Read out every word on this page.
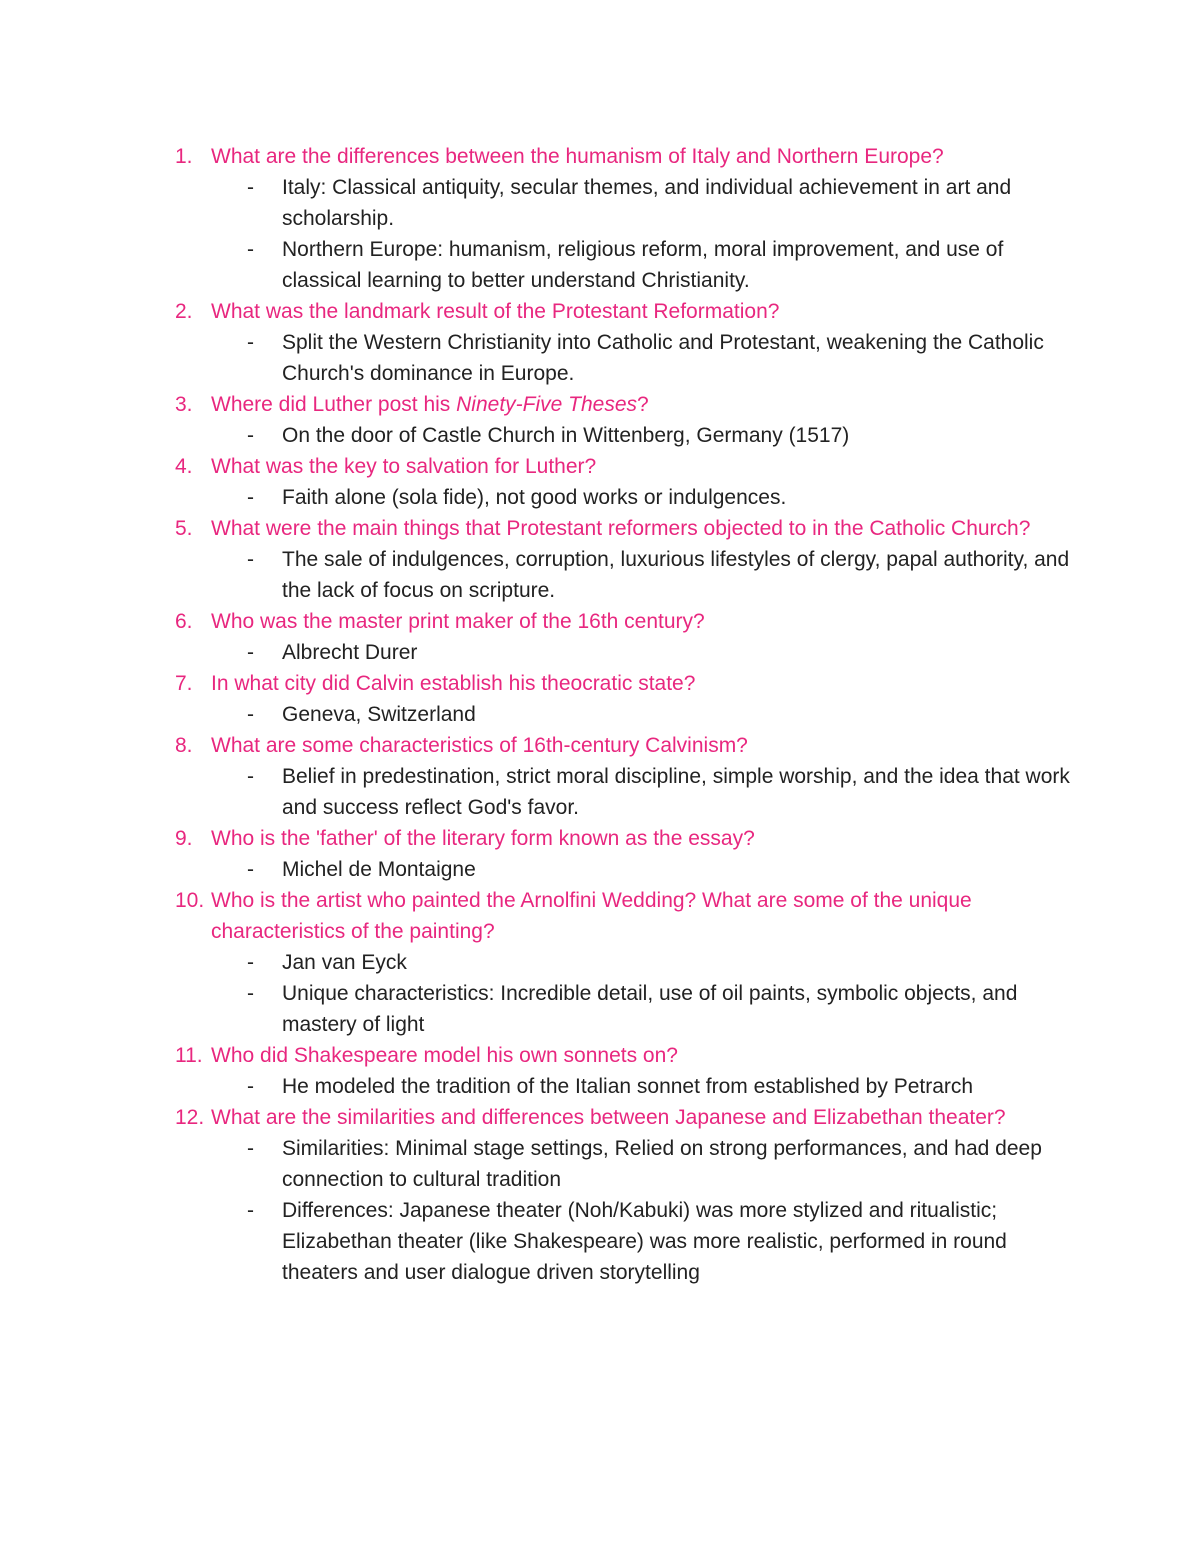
1. What are the differences between the humanism of Italy and Northern Europe?
- Italy: Classical antiquity, secular themes, and individual achievement in art and scholarship.
- Northern Europe: humanism, religious reform, moral improvement, and use of classical learning to better understand Christianity.
2. What was the landmark result of the Protestant Reformation?
- Split the Western Christianity into Catholic and Protestant, weakening the Catholic Church's dominance in Europe.
3. Where did Luther post his Ninety-Five Theses?
- On the door of Castle Church in Wittenberg, Germany (1517)
4. What was the key to salvation for Luther?
- Faith alone (sola fide), not good works or indulgences.
5. What were the main things that Protestant reformers objected to in the Catholic Church?
- The sale of indulgences, corruption, luxurious lifestyles of clergy, papal authority, and the lack of focus on scripture.
6. Who was the master print maker of the 16th century?
- Albrecht Durer
7. In what city did Calvin establish his theocratic state?
- Geneva, Switzerland
8. What are some characteristics of 16th-century Calvinism?
- Belief in predestination, strict moral discipline, simple worship, and the idea that work and success reflect God's favor.
9. Who is the 'father' of the literary form known as the essay?
- Michel de Montaigne
10. Who is the artist who painted the Arnolfini Wedding? What are some of the unique characteristics of the painting?
- Jan van Eyck
- Unique characteristics: Incredible detail, use of oil paints, symbolic objects, and mastery of light
11. Who did Shakespeare model his own sonnets on?
- He modeled the tradition of the Italian sonnet from established by Petrarch
12. What are the similarities and differences between Japanese and Elizabethan theater?
- Similarities: Minimal stage settings, Relied on strong performances, and had deep connection to cultural tradition
- Differences: Japanese theater (Noh/Kabuki) was more stylized and ritualistic; Elizabethan theater (like Shakespeare) was more realistic, performed in round theaters and user dialogue driven storytelling
